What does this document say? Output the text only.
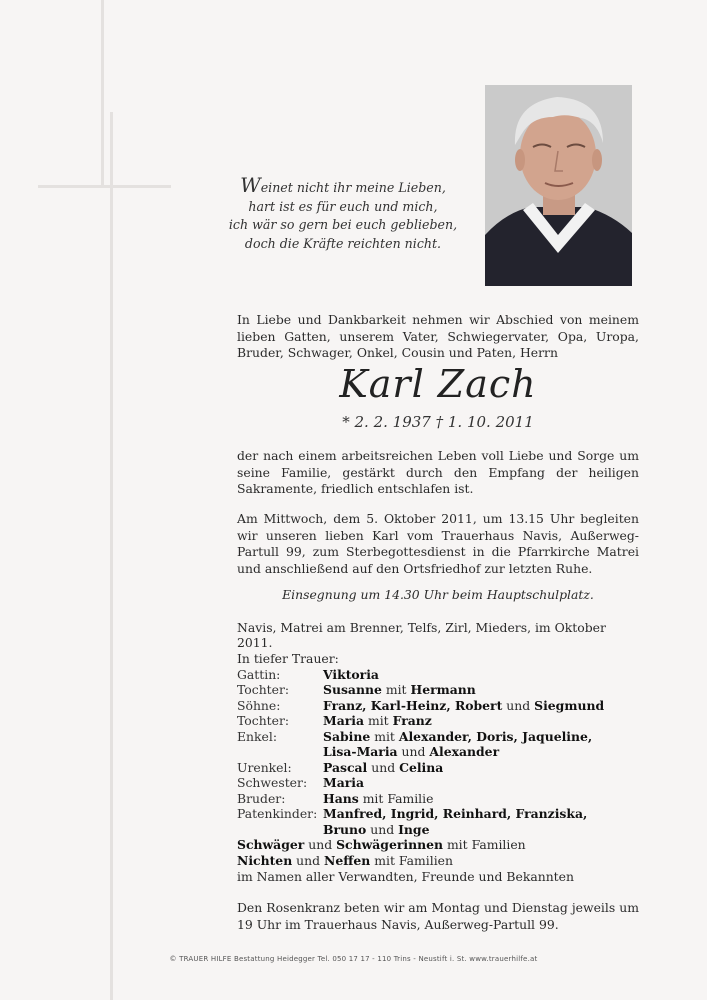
Weinet nicht ihr meine Lieben,
hart ist es für euch und mich,
ich wär so gern bei euch geblieben,
doch die Kräfte reichten nicht.
In Liebe und Dankbarkeit nehmen wir Abschied von meinem lieben Gatten, unserem Vater, Schwiegervater, Opa, Uropa, Bruder, Schwager, Onkel, Cousin und Paten, Herrn
Karl Zach
* 2. 2. 1937 † 1. 10. 2011
der nach einem arbeitsreichen Leben voll Liebe und Sorge um seine Familie, gestärkt durch den Empfang der heiligen Sakramente, friedlich entschlafen ist.
Am Mittwoch, dem 5. Oktober 2011, um 13.15 Uhr begleiten wir unseren lieben Karl vom Trauerhaus Navis, Außerweg-Partull 99, zum Sterbegottesdienst in die Pfarrkirche Matrei und anschließend auf den Ortsfriedhof zur letzten Ruhe.
Einsegnung um 14.30 Uhr beim Hauptschulplatz.
Navis, Matrei am Brenner, Telfs, Zirl, Mieders, im Oktober 2011.
In tiefer Trauer:
Gattin:	Viktoria
Tochter:	Susanne mit Hermann
Söhne:	Franz, Karl-Heinz, Robert und Siegmund
Tochter:	Maria mit Franz
Enkel:	Sabine mit Alexander, Doris, Jaqueline,
Lisa-Maria und Alexander
Urenkel:	Pascal und Celina
Schwester:	Maria
Bruder:	Hans mit Familie
Patenkinder: Manfred, Ingrid, Reinhard, Franziska,
Bruno und Inge
Schwäger und Schwägerinnen mit Familien
Nichten und Neffen mit Familien
im Namen aller Verwandten, Freunde und Bekannten
Den Rosenkranz beten wir am Montag und Dienstag jeweils um 19 Uhr im Trauerhaus Navis, Außerweg-Partull 99.
© TRAUER HILFE Bestattung Heidegger Tel. 050 17 17 - 110 Trins - Neustift i. St. www.trauerhilfe.at
